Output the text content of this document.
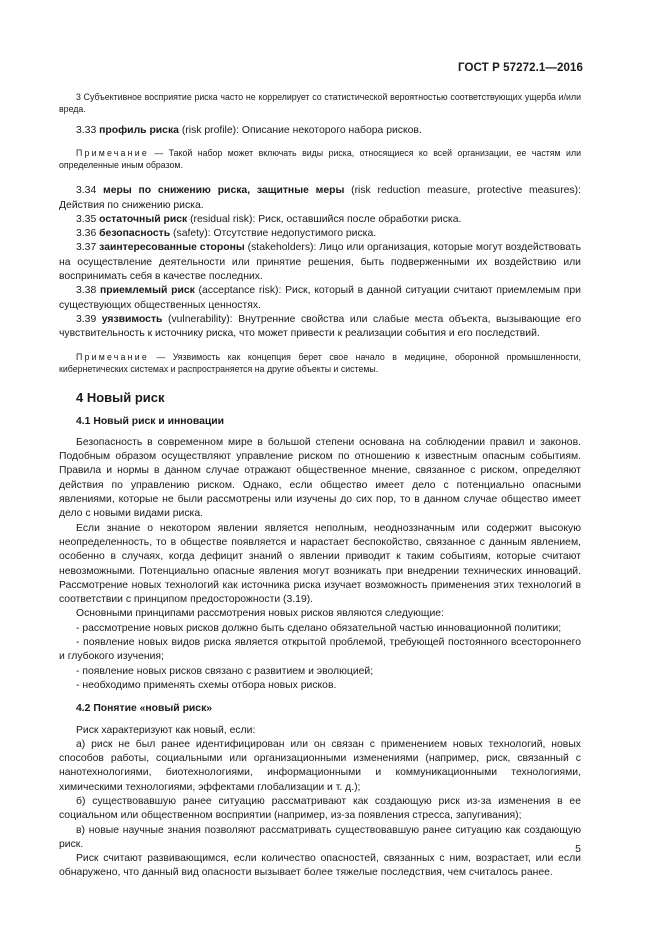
ГОСТ Р 57272.1—2016

3 Субъективное восприятие риска часто не коррелирует со статистической вероятностью соответствующих ущерба и/или вреда.

3.33 профиль риска (risk profile): Описание некоторого набора рисков.

Примечание — Такой набор может включать виды риска, относящиеся ко всей организации, ее частям или определенные иным образом.

3.34 меры по снижению риска, защитные меры (risk reduction measure, protective measures): Действия по снижению риска.

3.35 остаточный риск (residual risk): Риск, оставшийся после обработки риска.

3.36 безопасность (safety): Отсутствие недопустимого риска.

3.37 заинтересованные стороны (stakeholders): Лицо или организация, которые могут воздействовать на осуществление деятельности или принятие решения, быть подверженными их воздействию или воспринимать себя в качестве последних.

3.38 приемлемый риск (acceptance risk): Риск, который в данной ситуации считают приемлемым при существующих общественных ценностях.

3.39 уязвимость (vulnerability): Внутренние свойства или слабые места объекта, вызывающие его чувствительность к источнику риска, что может привести к реализации события и его последствий.

Примечание — Уязвимость как концепция берет свое начало в медицине, оборонной промышленности, кибернетических системах и распространяется на другие объекты и системы.

4 Новый риск

4.1 Новый риск и инновации

Безопасность в современном мире в большой степени основана на соблюдении правил и законов. Подобным образом осуществляют управление риском по отношению к известным опасным событиям. Правила и нормы в данном случае отражают общественное мнение, связанное с риском, определяют действия по управлению риском. Однако, если общество имеет дело с потенциально опасными явлениями, которые не были рассмотрены или изучены до сих пор, то в данном случае общество имеет дело с новыми видами риска.

Если знание о некотором явлении является неполным, неодноззначным или содержит высокую неопределенность, то в обществе появляется и нарастает беспокойство, связанное с данным явлением, особенно в случаях, когда дефицит знаний о явлении приводит к таким событиям, которые считают невозможными. Потенциально опасные явления могут возникать при внедрении технических инноваций. Рассмотрение новых технологий как источника риска изучает возможность применения этих технологий в соответствии с принципом предосторожности (3.19).

Основными принципами рассмотрения новых рисков являются следующие:

- рассмотрение новых рисков должно быть сделано обязательной частью инновационной политики;

- появление новых видов риска является открытой проблемой, требующей постоянного всестороннего и глубокого изучения;

- появление новых рисков связано с развитием и эволюцией;

- необходимо применять схемы отбора новых рисков.

4.2 Понятие «новый риск»

Риск характеризуют как новый, если:

а) риск не был ранее идентифицирован или он связан с применением новых технологий, новых способов работы, социальными или организационными изменениями (например, риск, связанный с нанотехнологиями, биотехнологиями, информационными и коммуникационными технологиями, химическими технологиями, эффектами глобализации и т. д.);

б) существовавшую ранее ситуацию рассматривают как создающую риск из-за изменения в ее социальном или общественном восприятии (например, из-за появления стресса, запугивания);

в) новые научные знания позволяют рассматривать существовавшую ранее ситуацию как создающую риск.

Риск считают развивающимся, если количество опасностей, связанных с ним, возрастает, или если обнаружено, что данный вид опасности вызывает более тяжелые последствия, чем считалось ранее.

5
